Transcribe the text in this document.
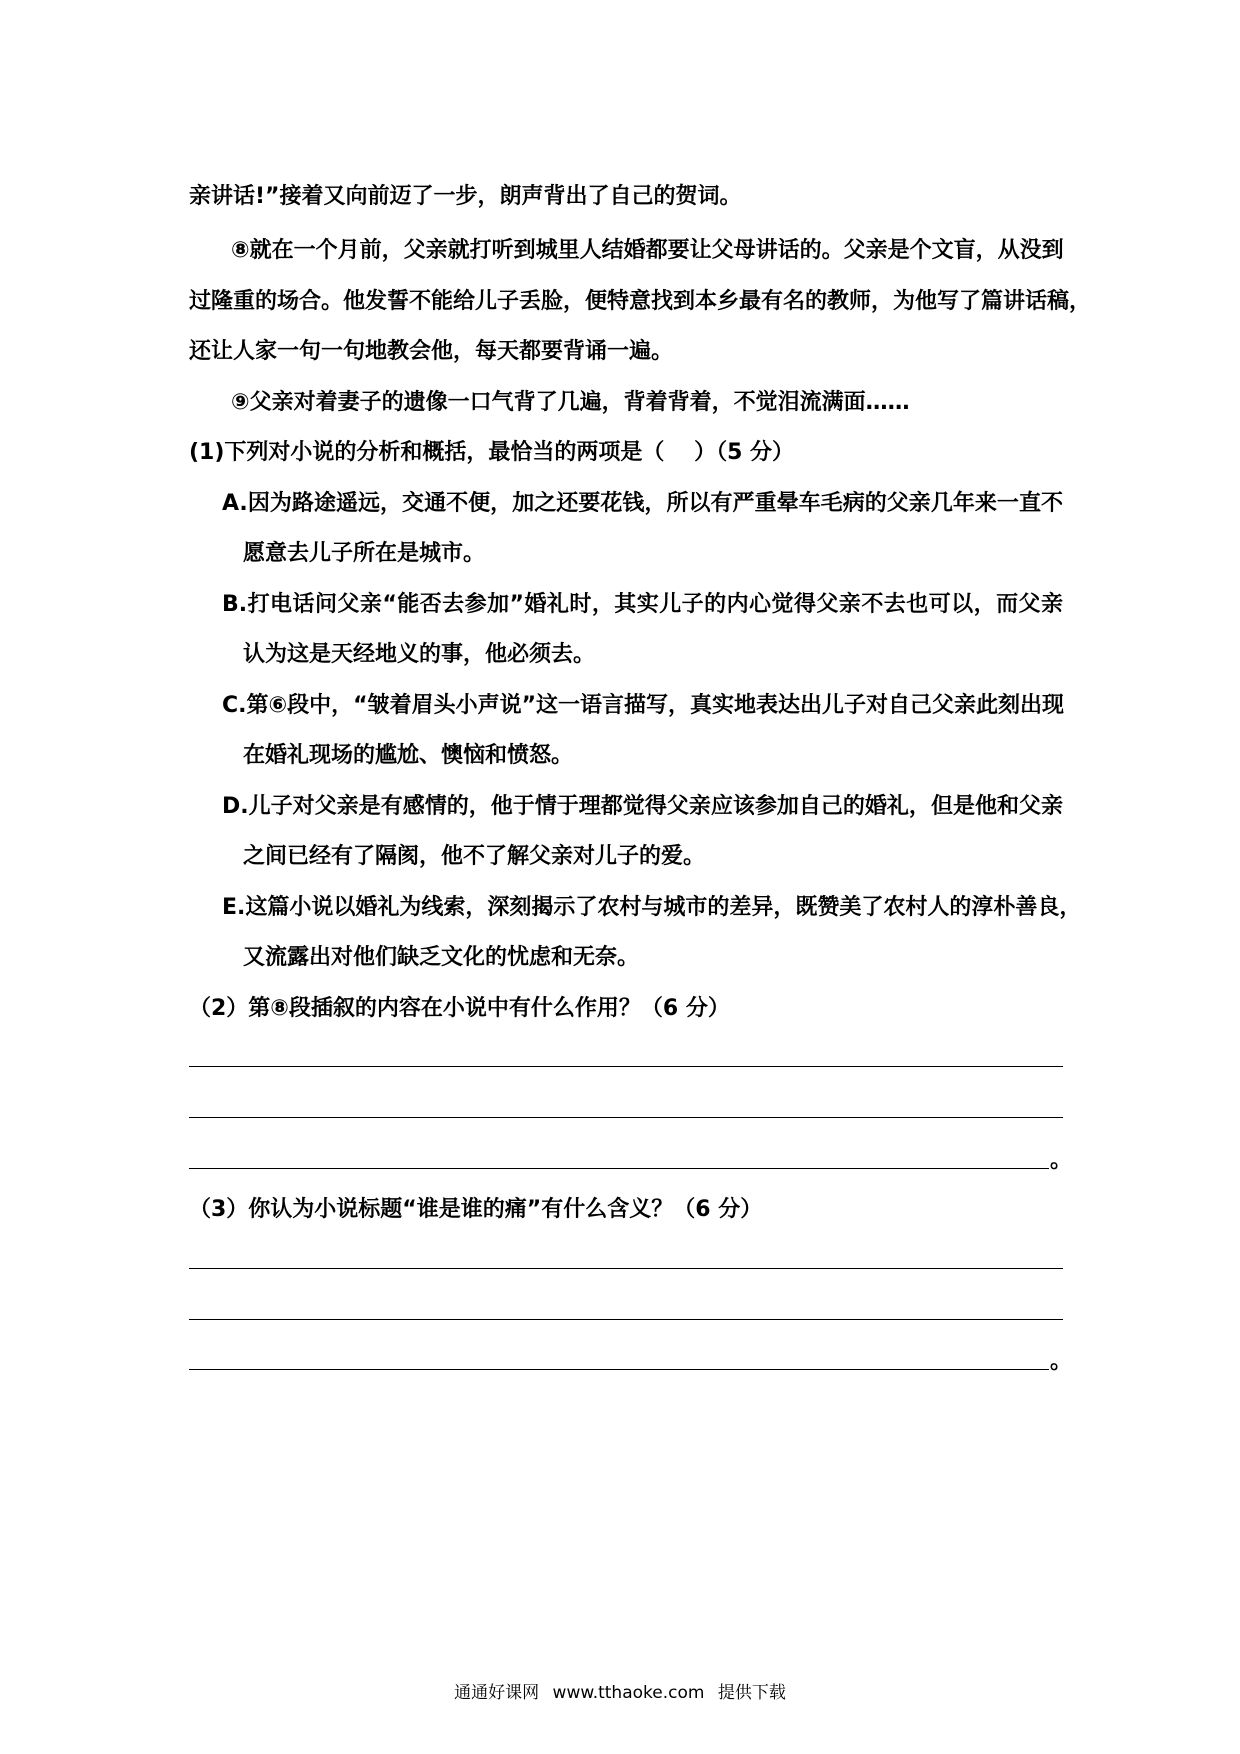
亲讲话!”接着又向前迈了一步，朗声背出了自己的贺词。
⑧就在一个月前，父亲就打听到城里人结婚都要让父母讲话的。父亲是个文盲，从没到
过隆重的场合。他发誓不能给儿子丢脸，便特意找到本乡最有名的教师，为他写了篇讲话稿，
还让人家一句一句地教会他，每天都要背诵一遍。
⑨父亲对着妻子的遗像一口气背了几遍，背着背着，不觉泪流满面……
(1)下列对小说的分析和概括，最恰当的两项是（　 ）（5 分）
A.因为路途遥远，交通不便，加之还要花钱，所以有严重晕车毛病的父亲几年来一直不
愿意去儿子所在是城市。
B.打电话问父亲“能否去参加”婚礼时，其实儿子的内心觉得父亲不去也可以，而父亲
认为这是天经地义的事，他必须去。
C.第⑥段中，“皱着眉头小声说”这一语言描写，真实地表达出儿子对自己父亲此刻出现
在婚礼现场的尴尬、懊恼和愤怒。
D.儿子对父亲是有感情的，他于情于理都觉得父亲应该参加自己的婚礼，但是他和父亲
之间已经有了隔阂，他不了解父亲对儿子的爱。
E.这篇小说以婚礼为线索，深刻揭示了农村与城市的差异，既赞美了农村人的淳朴善良，
又流露出对他们缺乏文化的忧虑和无奈。
（2）第⑧段插叙的内容在小说中有什么作用？（6 分）
。
（3）你认为小说标题“谁是谁的痛”有什么含义？（6 分）
。
通通好课网 www.tthaoke.com 提供下载
